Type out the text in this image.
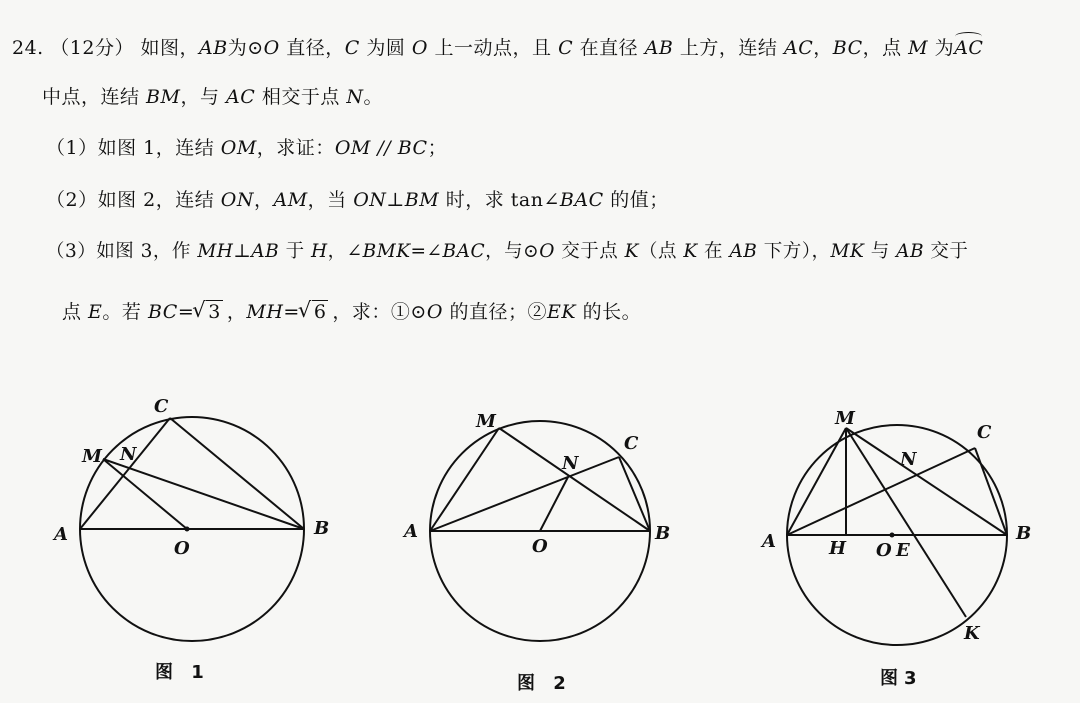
24. （12分） 如图，AB为⊙O 直径，C 为圆 O 上一动点，且 C 在直径 AB 上方，连结 AC，BC，点 M 为AC
中点，连结 BM，与 AC 相交于点 N。
（1）如图 1，连结 OM，求证：OM // BC；
（2）如图 2，连结 ON，AM，当 ON⊥BM 时，求 tan∠BAC 的值；
（3）如图 3，作 MH⊥AB 于 H，∠BMK=∠BAC，与⊙O 交于点 K（点 K 在 AB 下方），MK 与 AB 交于
点 E。若 BC= √ 3 ，MH= √ 6 ，求：①⊙O 的直径；②EK 的长。
A	B
C
M N
O
图 1
A	B
C
M
N
O
图 2
A	B
C
M
N
O E
H
K
图3
